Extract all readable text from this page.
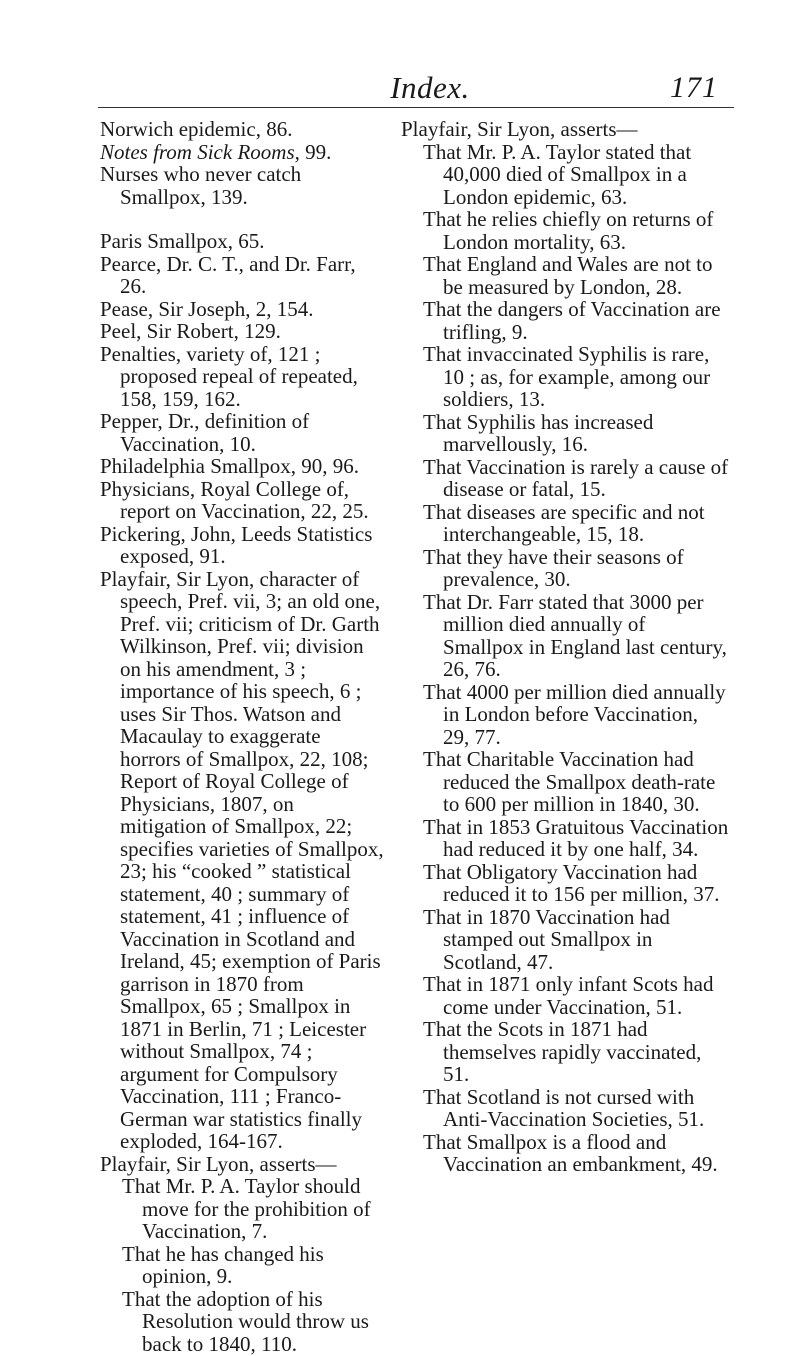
Index.	171

Norwich epidemic, 86.

Notes from Sick Rooms, 99.

Nurses who never catch Smallpox, 139.

Paris Smallpox, 65.

Pearce, Dr. C. T., and Dr. Farr, 26.

Pease, Sir Joseph, 2, 154.

Peel, Sir Robert, 129.

Penalties, variety of, 121 ; proposed repeal of repeated, 158, 159, 162.

Pepper, Dr., definition of Vaccination, 10.

Philadelphia Smallpox, 90, 96.

Physicians, Royal College of, report on Vaccination, 22, 25.

Pickering, John, Leeds Statistics exposed, 91.

Playfair, Sir Lyon, character of speech, Pref. vii, 3; an old one, Pref. vii; criticism of Dr. Garth Wilkinson, Pref. vii; division on his amendment, 3 ; importance of his speech, 6 ; uses Sir Thos. Watson and Macaulay to exaggerate horrors of Smallpox, 22, 108; Report of Royal College of Physicians, 1807, on mitigation of Smallpox, 22; specifies varieties of Smallpox, 23; his “cooked ” statistical statement, 40 ; summary of statement, 41 ; influence of Vaccination in Scotland and Ireland, 45; exemption of Paris garrison in 1870 from Smallpox, 65 ; Smallpox in 1871 in Berlin, 71 ; Leicester without Smallpox, 74 ; argument for Compulsory Vaccination, 111 ; Franco-German war statistics finally exploded, 164-167.

Playfair, Sir Lyon, asserts—

That Mr. P. A. Taylor should move for the prohibition of Vaccination, 7.

That he has changed his opinion, 9.

That the adoption of his Resolution would throw us back to 1840, 110.

Playfair, Sir Lyon, asserts—

That Mr. P. A. Taylor stated that 40,000 died of Smallpox in a London epidemic, 63.

That he relies chiefly on returns of London mortality, 63.

That England and Wales are not to be measured by London, 28.

That the dangers of Vaccination are trifling, 9.

That invaccinated Syphilis is rare, 10 ; as, for example, among our soldiers, 13.

That Syphilis has increased marvellously, 16.

That Vaccination is rarely a cause of disease or fatal, 15.

That diseases are specific and not interchangeable, 15, 18.

That they have their seasons of prevalence, 30.

That Dr. Farr stated that 3000 per million died annually of Smallpox in England last century, 26, 76.

That 4000 per million died annually in London before Vaccination, 29, 77.

That Charitable Vaccination had reduced the Smallpox death-rate to 600 per million in 1840, 30.

That in 1853 Gratuitous Vaccination had reduced it by one half, 34.

That Obligatory Vaccination had reduced it to 156 per million, 37.

That in 1870 Vaccination had stamped out Smallpox in Scotland, 47.

That in 1871 only infant Scots had come under Vaccination, 51.

That the Scots in 1871 had themselves rapidly vaccinated, 51.

That Scotland is not cursed with Anti-Vaccination Societies, 51.

That Smallpox is a flood and Vaccination an embankment, 49.
